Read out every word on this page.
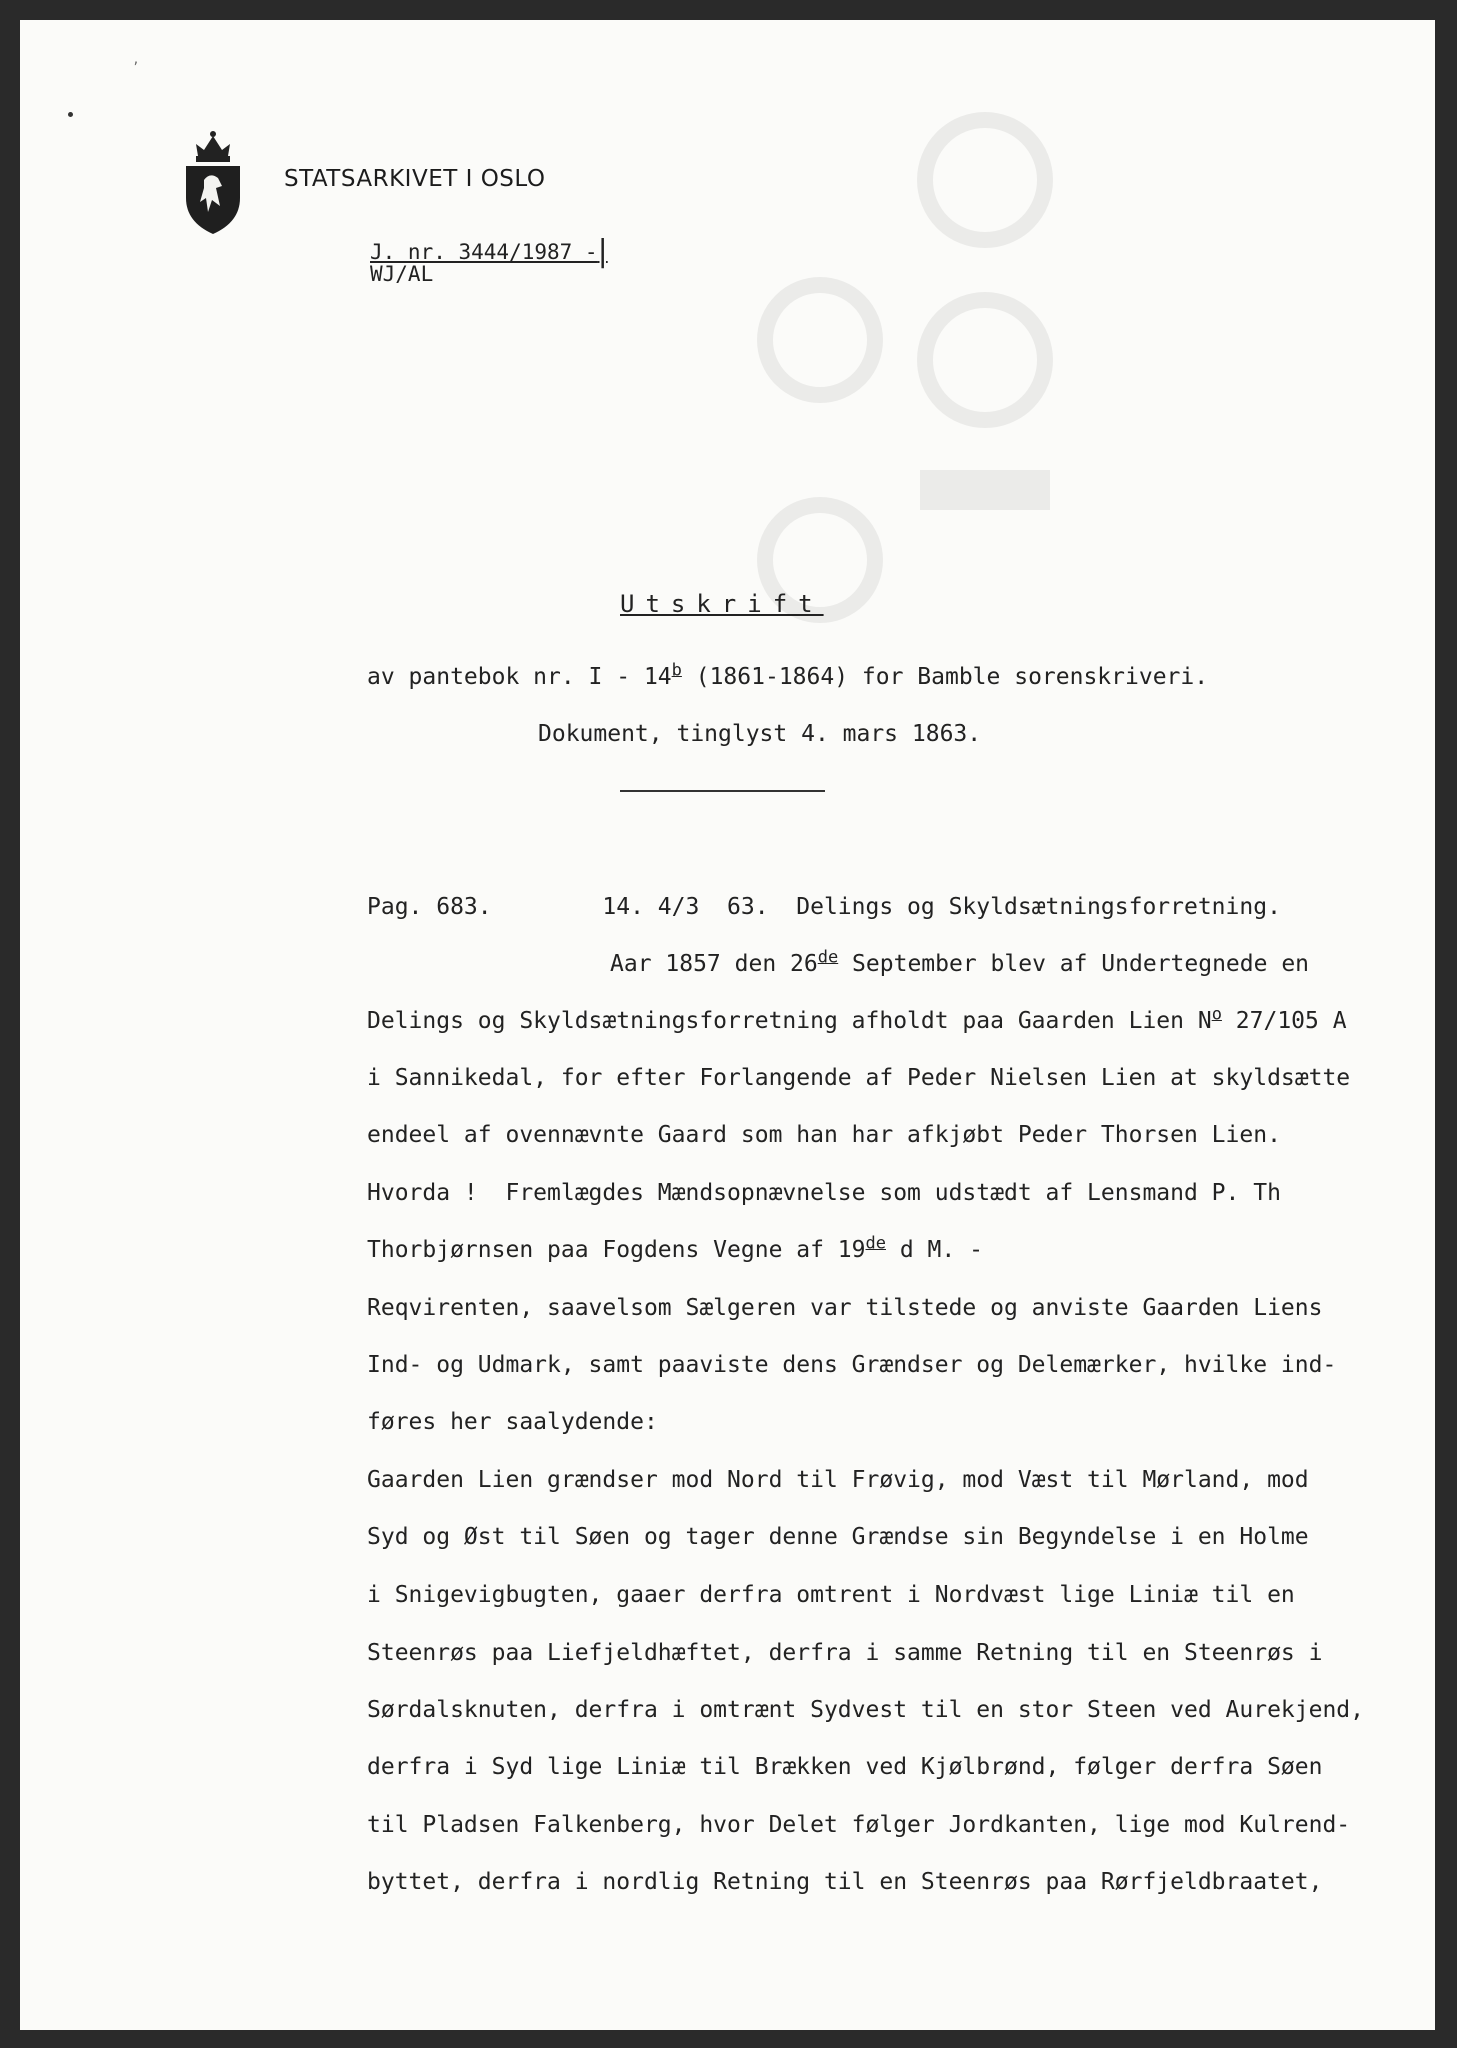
’
STATSARKIVET I OSLO
J. nr. 3444/1987 -|
WJ/AL
Utskrift
av pantebok nr. I - 14$^b$ (1861-1864) for Bamble sorenskriveri.
Dokument, tinglyst 4. mars 1863.
Pag. 683.        14. 4/3  63.  Delings og Skyldsætningsforretning.
Aar 1857 den 26de September blev af Undertegnede en
Delings og Skyldsætningsforretning afholdt paa Gaarden Lien $N^o$ 27/105 A
i Sannikedal, for efter Forlangende af Peder Nielsen Lien at skyldsætte
endeel af ovennævnte Gaard som han har afkjøbt Peder Thorsen Lien.
Hvorda !  Fremlægdes Mændsopnævnelse som udstædt af Lensmand P. Th
Thorbjørnsen paa Fogdens Vegne af 19de d M. -
Reqvirenten, saavelsom Sælgeren var tilstede og anviste Gaarden Liens
Ind- og Udmark, samt paaviste dens Grændser og Delemærker, hvilke ind-
føres her saalydende:
Gaarden Lien grændser mod Nord til Frøvig, mod Væst til Mørland, mod
Syd og Øst til Søen og tager denne Grændse sin Begyndelse i en Holme
i Snigevigbugten, gaaer derfra omtrent i Nordvæst lige Liniæ til en
Steenrøs paa Liefjeldhæftet, derfra i samme Retning til en Steenrøs i
Sørdalsknuten, derfra i omtrænt Sydvest til en stor Steen ved Aurekjend,
derfra i Syd lige Liniæ til Brækken ved Kjølbrønd, følger derfra Søen
til Pladsen Falkenberg, hvor Delet følger Jordkanten, lige mod Kulrend-
byttet, derfra i nordlig Retning til en Steenrøs paa Rørfjeldbraatet,
